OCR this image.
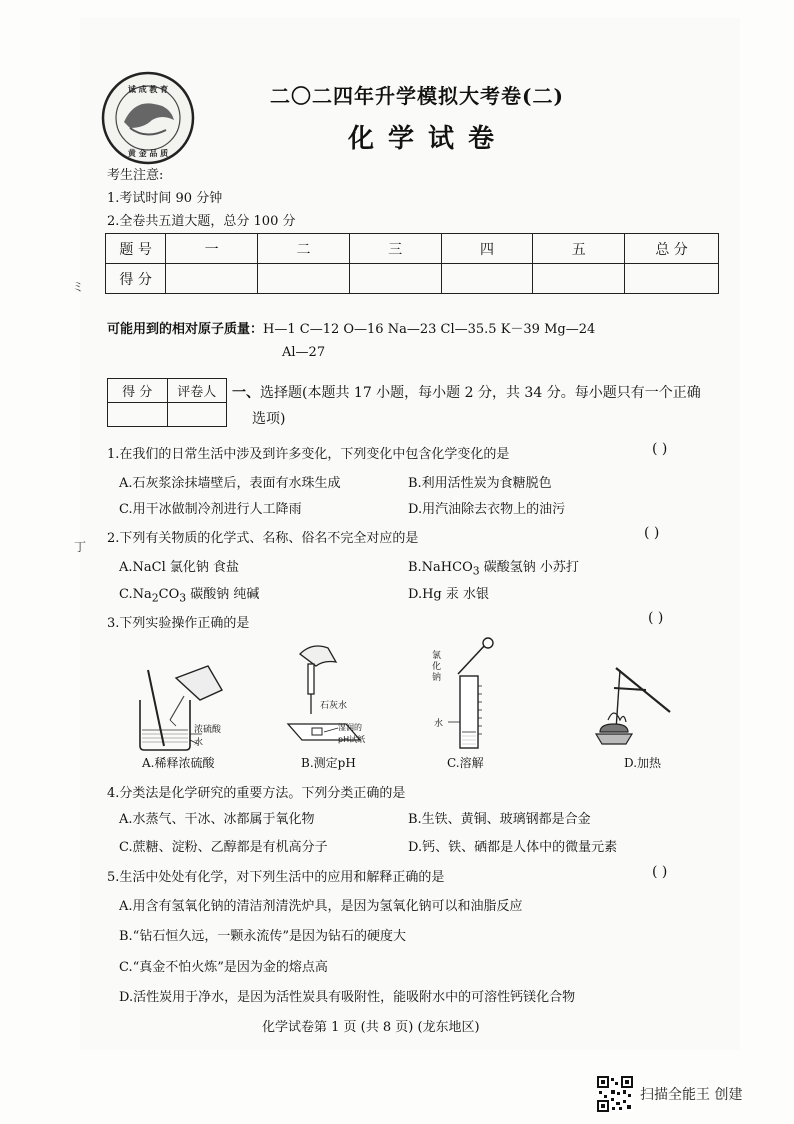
诚 成 教 育
黄 金 品 质
二〇二四年升学模拟大考卷(二)
化学试卷
考生注意:
1.考试时间 90 分钟
2.全卷共五道大题，总分 100 分
题 号	一	二	三	四	五	总 分
得 分						
可能用到的相对原子质量：H—1 C—12 O—16 Na—23 Cl—35.5 K－39 Mg—24
Al—27
得 分	评卷人
	一、选择题(本题共 17 小题，每小题 2 分，共 34 分。每小题只有一个正确
选项)
1.在我们的日常生活中涉及到许多变化，下列变化中包含化学变化的是	( )
A.石灰浆涂抹墙壁后，表面有水珠生成	B.利用活性炭为食糖脱色
C.用干冰做制冷剂进行人工降雨	D.用汽油除去衣物上的油污
2.下列有关物质的化学式、名称、俗名不完全对应的是	( )
A.NaCl 氯化钠 食盐	B.NaHCO$_3$ 碳酸氢钠 小苏打
$C.Na_2CO_3$ 碳酸钠 纯碱	D.Hg 汞 水银
3.下列实验操作正确的是	( )
浓硫酸
水
A.稀释浓硫酸
石灰水
湿润的
pH试纸
B.测定pH
氯
化
钠
水
C.溶解	D.加热
4.分类法是化学研究的重要方法。下列分类正确的是
A.水蒸气、干冰、冰都属于氧化物	B.生铁、黄铜、玻璃钢都是合金
C.蔗糖、淀粉、乙醇都是有机高分子	D.钙、铁、硒都是人体中的微量元素
5.生活中处处有化学，对下列生活中的应用和解释正确的是	( )
A.用含有氢氧化钠的清洁剂清洗炉具，是因为氢氧化钠可以和油脂反应
B.“钻石恒久远，一颗永流传”是因为钻石的硬度大
C.“真金不怕火炼”是因为金的熔点高
D.活性炭用于净水，是因为活性炭具有吸附性，能吸附水中的可溶性钙镁化合物
化学试卷第 1 页 (共 8 页) (龙东地区)
ミ
丁
扫描全能王 创建
